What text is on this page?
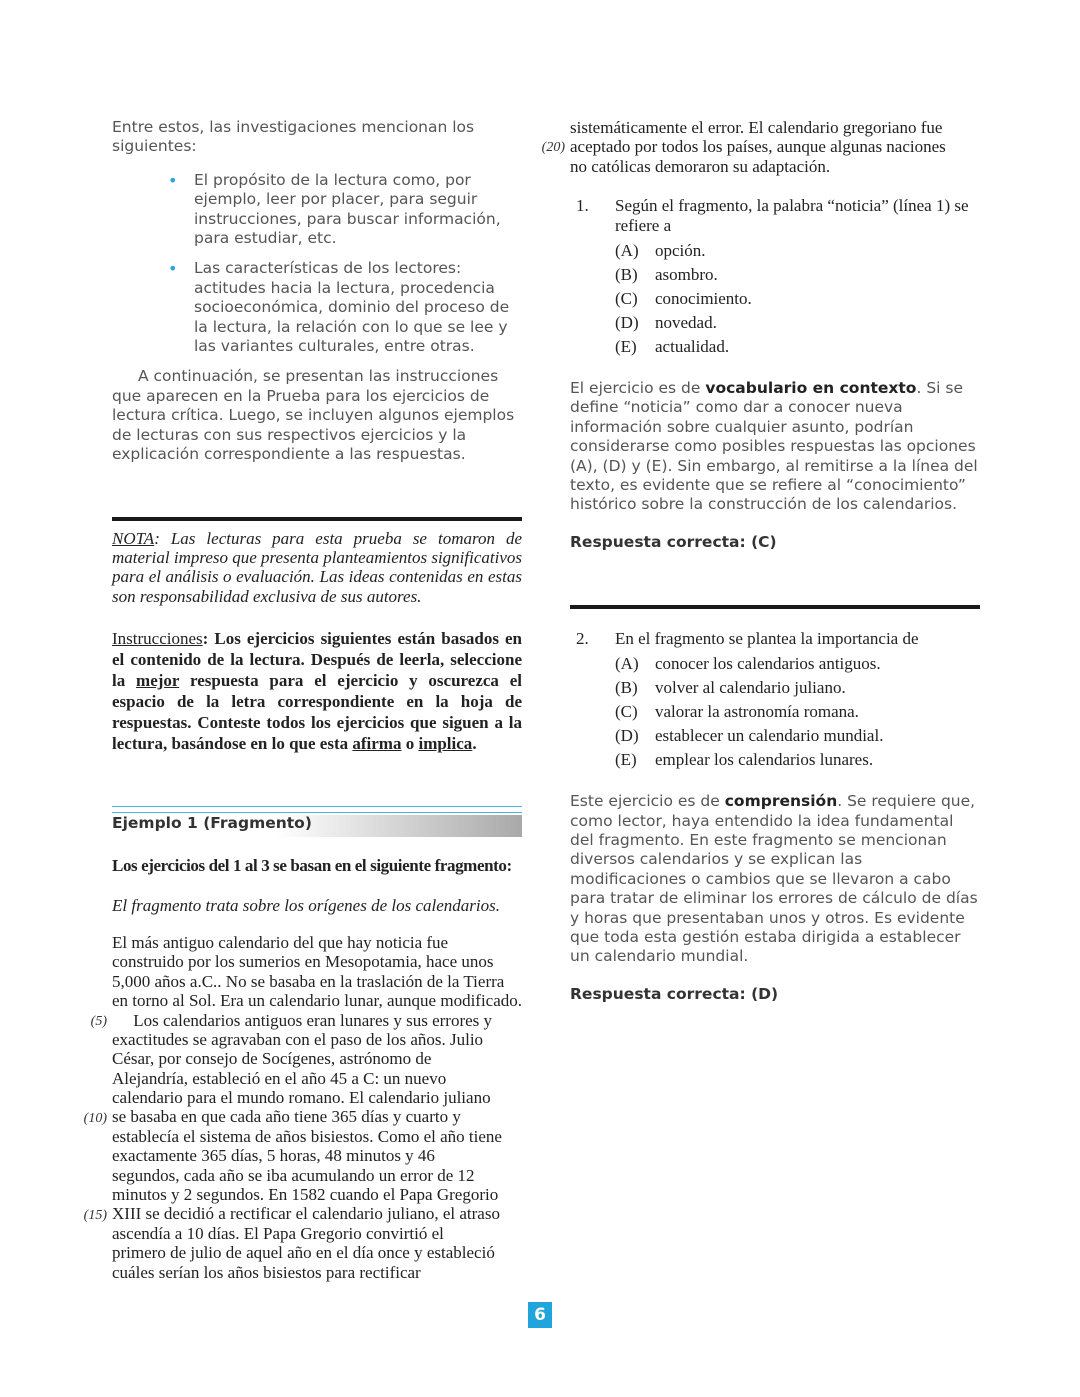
Entre estos, las investigaciones mencionan los siguientes:

• El propósito de la lectura como, por ejemplo, leer por placer, para seguir instrucciones, para buscar información, para estudiar, etc.
• Las características de los lectores: actitudes hacia la lectura, procedencia socioeconómica, dominio del proceso de la lectura, la relación con lo que se lee y las variantes culturales, entre otras.

A continuación, se presentan las instrucciones que aparecen en la Prueba para los ejercicios de lectura crítica. Luego, se incluyen algunos ejemplos de lecturas con sus respectivos ejercicios y la explicación correspondiente a las respuestas.

NOTA: Las lecturas para esta prueba se tomaron de material impreso que presenta planteamientos significativos para el análisis o evaluación. Las ideas contenidas en estas son responsabilidad exclusiva de sus autores.

Instrucciones: Los ejercicios siguientes están basados en el contenido de la lectura. Después de leerla, seleccione la mejor respuesta para el ejercicio y oscurezca el espacio de la letra correspondiente en la hoja de respuestas. Conteste todos los ejercicios que siguen a la lectura, basándose en lo que esta afirma o implica.

Ejemplo 1 (Fragmento)

Los ejercicios del 1 al 3 se basan en el siguiente fragmento:

El fragmento trata sobre los orígenes de los calendarios.

El más antiguo calendario del que hay noticia fue
construido por los sumerios en Mesopotamia, hace unos
5,000 años a.C.. No se basaba en la traslación de la Tierra
en torno al Sol. Era un calendario lunar, aunque modificado.
Los calendarios antiguos eran lunares y sus errores y
exactitudes se agravaban con el paso de los años. Julio
César, por consejo de Socígenes, astrónomo de
Alejandría, estableció en el año 45 a C: un nuevo
calendario para el mundo romano. El calendario juliano
se basaba en que cada año tiene 365 días y cuarto y
establecía el sistema de años bisiestos. Como el año tiene
exactamente 365 días, 5 horas, 48 minutos y 46
segundos, cada año se iba acumulando un error de 12
minutos y 2 segundos. En 1582 cuando el Papa Gregorio
XIII se decidió a rectificar el calendario juliano, el atraso
ascendía a 10 días. El Papa Gregorio convirtió el
primero de julio de aquel año en el día once y estableció
cuáles serían los años bisiestos para rectificar
(5)
(10)
(15)
sistemáticamente el error. El calendario gregoriano fue
aceptado por todos los países, aunque algunas naciones
no católicas demoraron su adaptación.
(20)
1. Según el fragmento, la palabra “noticia” (línea 1) se refiere a
(A) opción.
(B) asombro.
(C) conocimiento.
(D) novedad.
(E) actualidad.

El ejercicio es de vocabulario en contexto. Si se define “noticia” como dar a conocer nueva información sobre cualquier asunto, podrían considerarse como posibles respuestas las opciones (A), (D) y (E). Sin embargo, al remitirse a la línea del texto, es evidente que se refiere al “conocimiento” histórico sobre la construcción de los calendarios.

Respuesta correcta: (C)

2. En el fragmento se plantea la importancia de
(A) conocer los calendarios antiguos.
(B) volver al calendario juliano.
(C) valorar la astronomía romana.
(D) establecer un calendario mundial.
(E) emplear los calendarios lunares.

Este ejercicio es de comprensión. Se requiere que, como lector, haya entendido la idea fundamental del fragmento. En este fragmento se mencionan diversos calendarios y se explican las modificaciones o cambios que se llevaron a cabo para tratar de eliminar los errores de cálculo de días y horas que presentaban unos y otros. Es evidente que toda esta gestión estaba dirigida a establecer un calendario mundial.

Respuesta correcta: (D)

6
